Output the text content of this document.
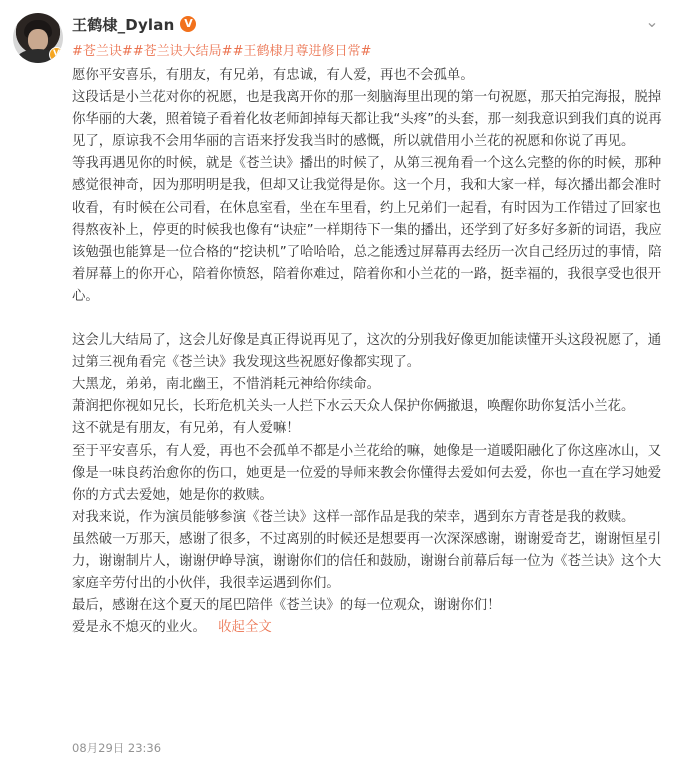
V
王鹤棣_Dylan V	⌄
#苍兰诀##苍兰诀大结局##王鹤棣月尊进修日常#

愿你平安喜乐，有朋友，有兄弟，有忠诚，有人爱，再也不会孤单。

这段话是小兰花对你的祝愿，也是我离开你的那一刻脑海里出现的第一句祝愿，那天拍完海报，脱掉你华丽的大袭，照着镜子看着化妆老师卸掉每天都让我“头疼”的头套，那一刻我意识到我们真的说再见了，原谅我不会用华丽的言语来抒发我当时的感慨，所以就借用小兰花的祝愿和你说了再见。

等我再遇见你的时候，就是《苍兰诀》播出的时候了，从第三视角看一个这么完整的你的时候，那种感觉很神奇，因为那明明是我，但却又让我觉得是你。这一个月，我和大家一样，每次播出都会准时收看，有时候在公司看，在休息室看，坐在车里看，约上兄弟们一起看，有时因为工作错过了回家也得熬夜补上，停更的时候我也像有“诀症”一样期待下一集的播出，还学到了好多好多新的词语，我应该勉强也能算是一位合格的“挖诀机”了哈哈哈，总之能透过屏幕再去经历一次自己经历过的事情，陪着屏幕上的你开心，陪着你愤怒，陪着你难过，陪着你和小兰花的一路，挺幸福的，我很享受也很开心。

这会儿大结局了，这会儿好像是真正得说再见了，这次的分别我好像更加能读懂开头这段祝愿了，通过第三视角看完《苍兰诀》我发现这些祝愿好像都实现了。

大黑龙，弟弟，南北幽王，不惜消耗元神给你续命。

萧润把你视如兄长，长珩危机关头一人拦下水云天众人保护你俩撤退，唤醒你助你复活小兰花。

这不就是有朋友，有兄弟，有人爱嘛！

至于平安喜乐，有人爱，再也不会孤单不都是小兰花给的嘛，她像是一道暖阳融化了你这座冰山，又像是一味良药治愈你的伤口，她更是一位爱的导师来教会你懂得去爱如何去爱，你也一直在学习她爱你的方式去爱她，她是你的救赎。

对我来说，作为演员能够参演《苍兰诀》这样一部作品是我的荣幸，遇到东方青苍是我的救赎。

虽然破一万那天，感谢了很多，不过离别的时候还是想要再一次深深感谢，谢谢爱奇艺，谢谢恒星引力，谢谢制片人，谢谢伊峥导演，谢谢你们的信任和鼓励，谢谢台前幕后每一位为《苍兰诀》这个大家庭辛劳付出的小伙伴，我很幸运遇到你们。

最后，感谢在这个夏天的尾巴陪伴《苍兰诀》的每一位观众，谢谢你们！

爱是永不熄灭的业火。 收起全文

08月29日 23:36
